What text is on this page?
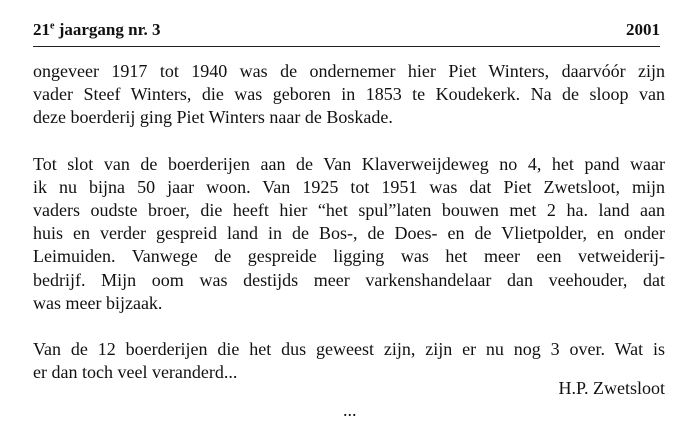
21e jaargang nr. 3	2001

ongeveer 1917 tot 1940 was de ondernemer hier Piet Winters, daarvóór zijn
vader Steef Winters, die was geboren in 1853 te Koudekerk. Na de sloop van
deze boerderij ging Piet Winters naar de Boskade.

Tot slot van de boerderijen aan de Van Klaverweijdeweg no 4, het pand waar
ik nu bijna 50 jaar woon. Van 1925 tot 1951 was dat Piet Zwetsloot, mijn
vaders oudste broer, die heeft hier “het spul”laten bouwen met 2 ha. land aan
huis en verder gespreid land in de Bos-, de Does- en de Vlietpolder, en onder
Leimuiden. Vanwege de gespreide ligging was het meer een vetweiderij-
bedrijf. Mijn oom was destijds meer varkenshandelaar dan veehouder, dat
was meer bijzaak.

Van de 12 boerderijen die het dus geweest zijn, zijn er nu nog 3 over. Wat is
er dan toch veel veranderd...

H.P. Zwetsloot
...
